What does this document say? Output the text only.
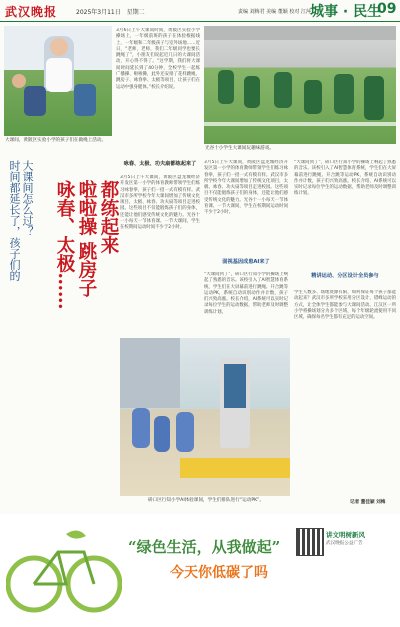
武汉晚报	2025年3月11日 星期二	责编 刘梅君 美编 董颖 校对 江萍 城事 · 民生
09
大课间，黄陂区实验小学的孩子们在做绳上活动。
3月6日上午大课间时间，黄陂区实验小学操场上，一年级前班的孩子在体验根据线上，一年级和二年级孩子与室外场地……近日，“老师，老师，我们二年级同学也要长跳绳了”，小朋友们说起近几日的大课间活动，开心得不得了。“这学期，我们将大课间时间延长到了40分钟，全校学生一起练广播操、啦啦操，此外还安排了花样跳绳、跳房子、咏春拳、太极等项目，让孩子们在运动中强身健体。”校长介绍说。
光谷十小学生大课间玩趣味游戏。
时间都延长了，孩子们的 大课间怎么过？	都练起来
啦啦操 跳房子
咏春、太极……
咏春、太极、功夫扇都练起来了
3月5日上午大课间，黄陂区盘龙城经济开发区第一小学的体育教师带领学生们练习咏春拳，孩子们一招一式有模有样。武汉市多所学校今年大课间增加了传统文化项目，太极、咏春、功夫扇等项目走进校园。这些项目不仅能锻炼孩子们的身体，还能让他们感受传统文化的魅力。光谷十一小每天一节体育课、一节大课间，学生在校期间运动时间不少于2小时。
3月5日上午大课间，黄陂区盘龙城经济开发区第一小学的体育教师带领学生们练习咏春拳，孩子们一招一式有模有样。武汉市多所学校今年大课间增加了传统文化项目，太极、咏春、功夫扇等项目走进校园。这些项目不仅能锻炼孩子们的身体，还能让他们感受传统文化的魅力。光谷十一小每天一节体育课、一节大课间，学生在校期间运动时间不少于2小时。
弱视基因成患AI来了
“大课间到了”，硚口区行知小学的操场上响起了熟悉的音乐。该校引入了AI智慧体育系统，学生们在大屏幕前进行跳绳、开合跳等运动PK，系统自动识别动作并计数，孩子们兴致高涨。校长介绍，AI系统可以实时记录每位学生的运动数据，帮助老师及时调整训练计划。
“大课间到了”，硚口区行知小学的操场上响起了熟悉的音乐。该校引入了AI智慧体育系统，学生们在大屏幕前进行跳绳、开合跳等运动PK，系统自动识别动作并计数，孩子们兴致高涨。校长介绍，AI系统可以实时记录每位学生的运动数据，帮助老师及时调整训练计划。
精讲运动、分区设计全员参与
学生人数多、场地资源有限，如何保证每个孩子都能动起来？武汉市多所学校采用分区设计、错峰运动的方式，让全体学生都能参与大课间活动。江汉区一所小学将操场划分为多个区域，每个年级轮流使用不同区域，确保每名学生都有充足的运动空间。
记者 董佳颖 刘梅
硚口区行知小学AI体验课间，学生们排队进行“运动PK”。
“绿色生活，从我做起”
今天你低碳了吗
讲文明树新风
武汉晚报公益广告
